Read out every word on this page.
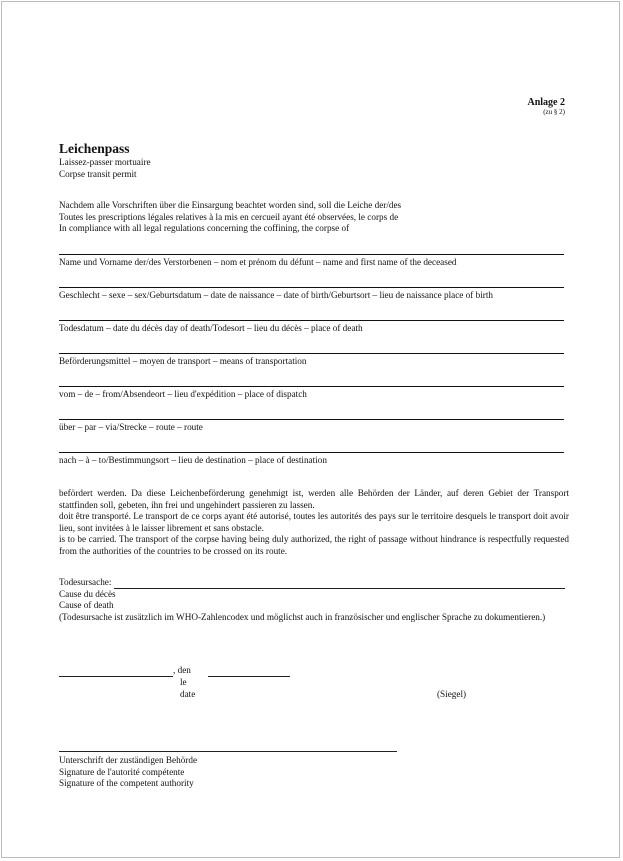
Anlage 2
(zu § 2)
Leichenpass
Laissez-passer mortuaire
Corpse transit permit
Nachdem alle Vorschriften über die Einsargung beachtet worden sind, soll die Leiche der/des
Toutes les prescriptions légales relatives à la mis en cercueil ayant été observées, le corps de
In compliance with all legal regulations concerning the coffining, the corpse of
Name und Vorname der/des Verstorbenen – nom et prénom du défunt – name and first name of the deceased
Geschlecht – sexe – sex/Geburtsdatum – date de naissance – date of birth/Geburtsort – lieu de naissance place of birth
Todesdatum – date du décès day of death/Todesort – lieu du décès – place of death
Beförderungsmittel – moyen de transport – means of transportation
vom – de – from/Absendeort – lieu d'expédition – place of dispatch
über – par – via/Strecke – route – route
nach – à – to/Bestimmungsort – lieu de destination – place of destination

befördert werden. Da diese Leichenbeförderung genehmigt ist, werden alle Behörden der Länder, auf deren Gebiet der Transport stattfinden soll, gebeten, ihn frei und ungehindert passieren zu lassen.

doit être transporté. Le transport de ce corps ayant été autorisé, toutes les autorités des pays sur le territoire desquels le transport doit avoir lieu, sont invitées à le laisser librement et sans obstacle.

is to be carried. The transport of the corpse having being duly authorized, the right of passage without hindrance is respectfully requested from the authorities of the countries to be crossed on its route.

Todesursache:
Cause du décès
Cause of death
(Todesursache ist zusätzlich im WHO-Zahlencodex und möglichst auch in französischer und englischer Sprache zu dokumentieren.)
, den
le
date	(Siegel)
Unterschrift der zuständigen Behörde
Signature de l'autorité compétente
Signature of the competent authority
